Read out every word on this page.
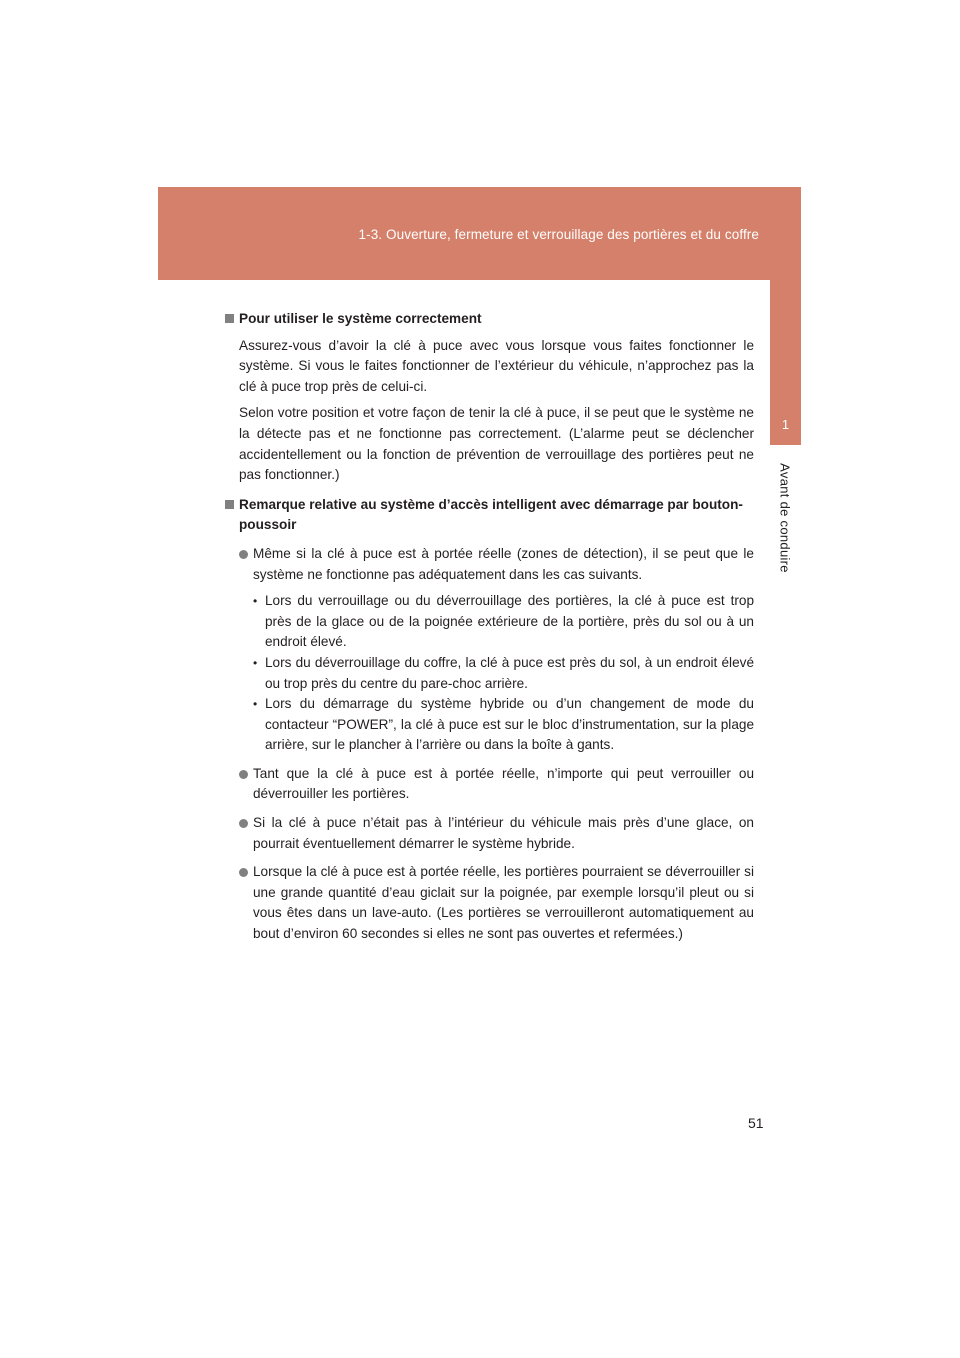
1-3. Ouverture, fermeture et verrouillage des portières et du coffre
1
Avant de conduire
Pour utiliser le système correctement

Assurez-vous d’avoir la clé à puce avec vous lorsque vous faites fonctionner le système. Si vous le faites fonctionner de l’extérieur du véhicule, n’approchez pas la clé à puce trop près de celui-ci.

Selon votre position et votre façon de tenir la clé à puce, il se peut que le système ne la détecte pas et ne fonctionne pas correctement. (L’alarme peut se déclencher accidentellement ou la fonction de prévention de verrouillage des portières peut ne pas fonctionner.)

Remarque relative au système d’accès intelligent avec démarrage par bouton-poussoir
Même si la clé à puce est à portée réelle (zones de détection), il se peut que le système ne fonctionne pas adéquatement dans les cas suivants.
• Lors du verrouillage ou du déverrouillage des portières, la clé à puce est trop près de la glace ou de la poignée extérieure de la portière, près du sol ou à un endroit élevé.
• Lors du déverrouillage du coffre, la clé à puce est près du sol, à un endroit élevé ou trop près du centre du pare-choc arrière.
• Lors du démarrage du système hybride ou d’un changement de mode du contacteur “POWER”, la clé à puce est sur le bloc d’instrumentation, sur la plage arrière, sur le plancher à l’arrière ou dans la boîte à gants.
Tant que la clé à puce est à portée réelle, n’importe qui peut verrouiller ou déverrouiller les portières.
Si la clé à puce n’était pas à l’intérieur du véhicule mais près d’une glace, on pourrait éventuellement démarrer le système hybride.
Lorsque la clé à puce est à portée réelle, les portières pourraient se déverrouiller si une grande quantité d’eau giclait sur la poignée, par exemple lorsqu’il pleut ou si vous êtes dans un lave-auto. (Les portières se verrouilleront automatiquement au bout d’environ 60 secondes si elles ne sont pas ouvertes et refermées.)
51
